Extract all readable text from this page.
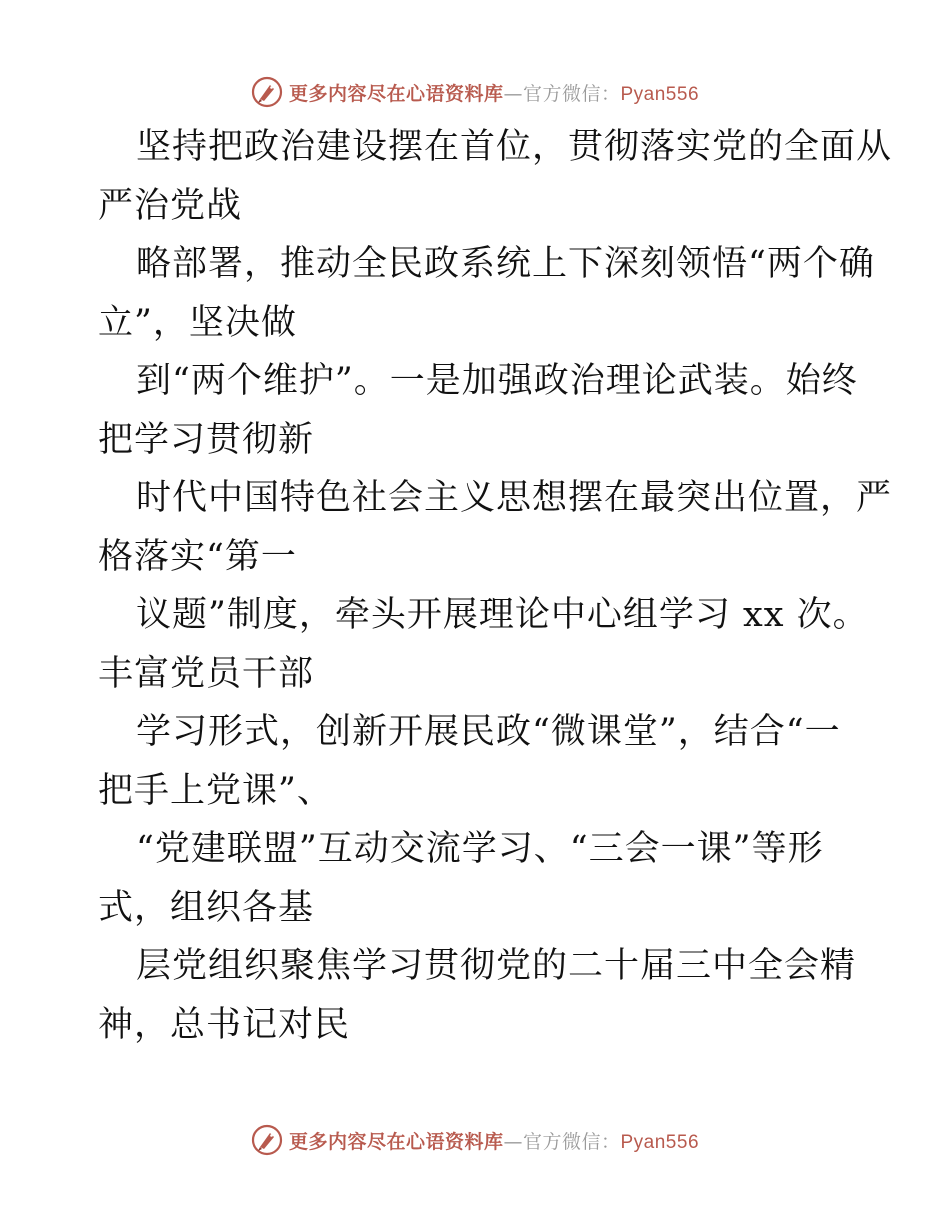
更多内容尽在心语资料库—官方微信：Pyan556
坚持把政治建设摆在首位，贯彻落实党的全面从
严治党战
略部署，推动全民政系统上下深刻领悟“两个确
立”，坚决做
到“两个维护”。一是加强政治理论武装。始终
把学习贯彻新
时代中国特色社会主义思想摆在最突出位置，严
格落实“第一
议题”制度，牵头开展理论中心组学习 xx 次。
丰富党员干部
学习形式，创新开展民政“微课堂”，结合“一
把手上党课”、
“党建联盟”互动交流学习、“三会一课”等形
式，组织各基
层党组织聚焦学习贯彻党的二十届三中全会精
神，总书记对民
更多内容尽在心语资料库—官方微信：Pyan556
